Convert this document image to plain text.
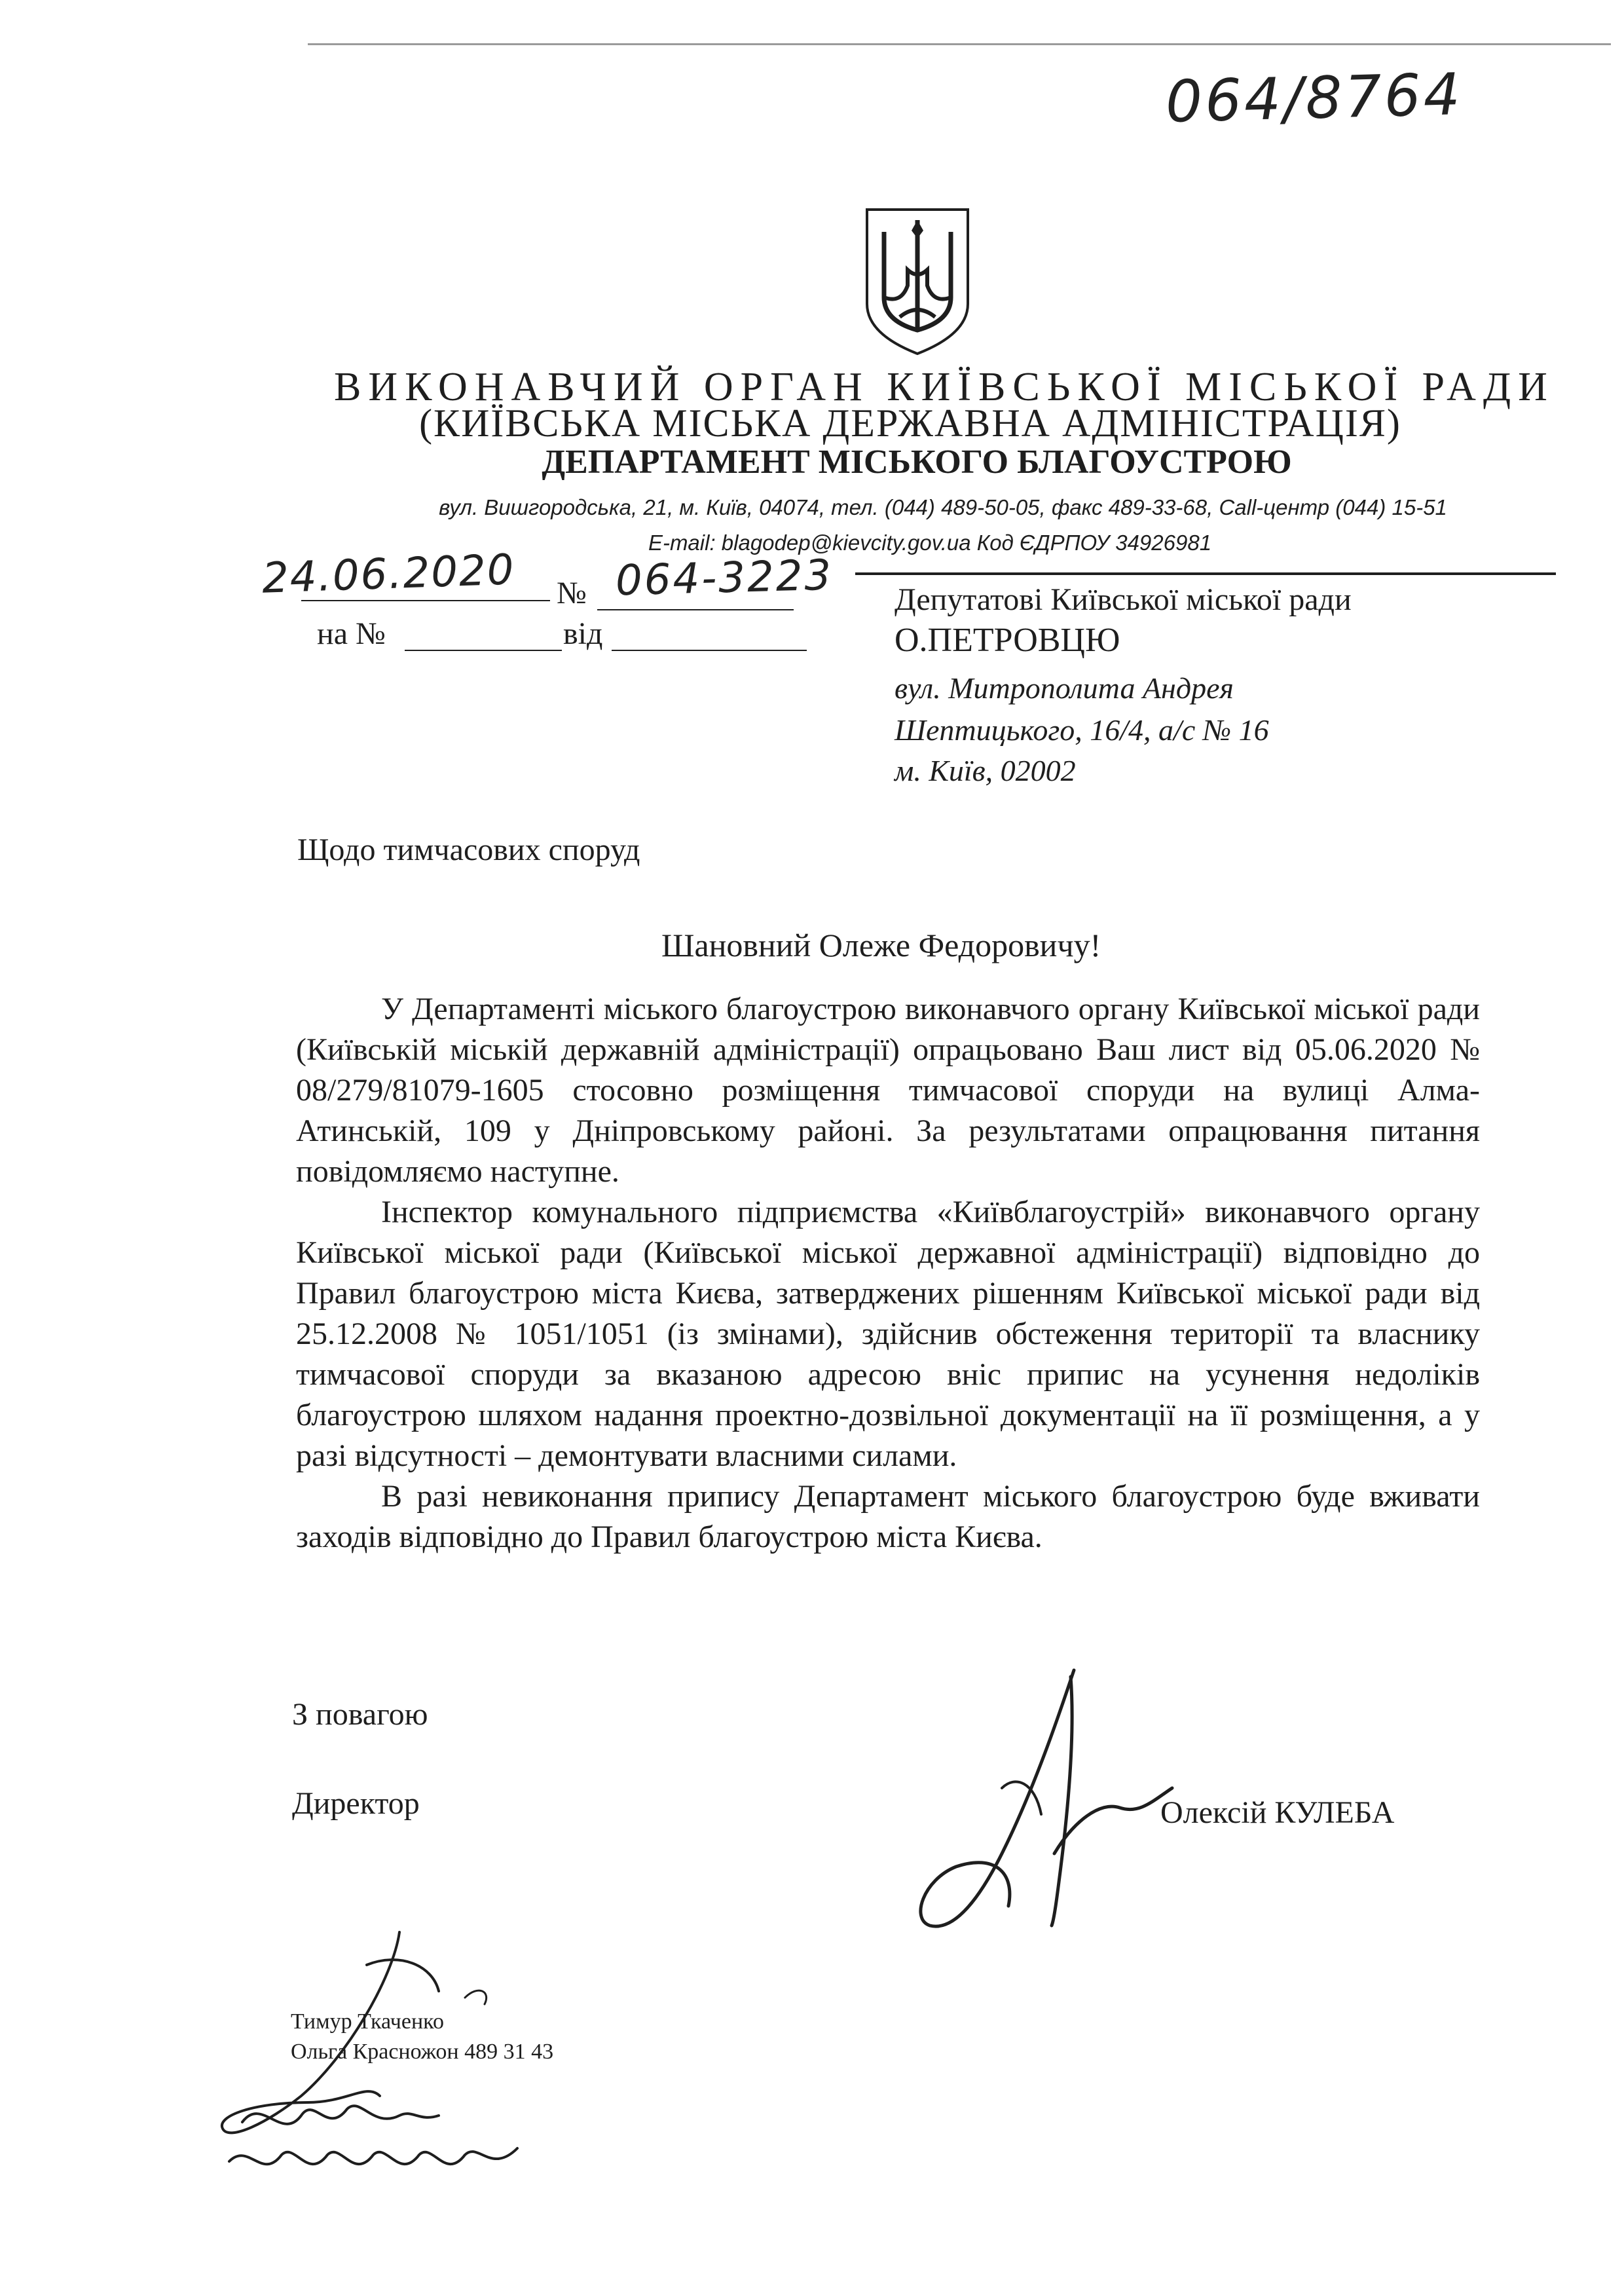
064/8764
ВИКОНАВЧИЙ ОРГАН КИЇВСЬКОЇ МІСЬКОЇ РАДИ
(КИЇВСЬКА МІСЬКА ДЕРЖАВНА АДМІНІСТРАЦІЯ)
ДЕПАРТАМЕНТ МІСЬКОГО БЛАГОУСТРОЮ
вул. Вишгородська, 21, м. Київ, 04074, тел. (044) 489-50-05, факс 489-33-68, Call-центр (044) 15-51
E-mail: blagodep@kievcity.gov.ua Код ЄДРПОУ 34926981
24.06.2020 № 064-3223
на №	від
Депутатові Київської міської ради
О.ПЕТРОВЦЮ
вул. Митрополита Андрея
Шептицького, 16/4, а/с № 16
м. Київ, 02002
Щодо тимчасових споруд
Шановний Олеже Федоровичу!

У Департаменті міського благоустрою виконавчого органу Київської міської ради (Київській міській державній адміністрації) опрацьовано Ваш лист від 05.06.2020 № 08/279/81079-1605 стосовно розміщення тимчасової споруди на вулиці Алма-Атинській, 109 у Дніпровському районі. За результатами опрацювання питання повідомляємо наступне.

Інспектор комунального підприємства «Київблагоустрій» виконавчого органу Київської міської ради (Київської міської державної адміністрації) відповідно до Правил благоустрою міста Києва, затверджених рішенням Київської міської ради від 25.12.2008 № 1051/1051 (із змінами), здійснив обстеження території та власнику тимчасової споруди за вказаною адресою вніс припис на усунення недоліків благоустрою шляхом надання проектно-дозвільної документації на її розміщення, а у разі відсутності – демонтувати власними силами.

В разі невиконання припису Департамент міського благоустрою буде вживати заходів відповідно до Правил благоустрою міста Києва.

З повагою
Директор	Олексій КУЛЕБА
Тимур Ткаченко
Ольга Красножон 489 31 43
